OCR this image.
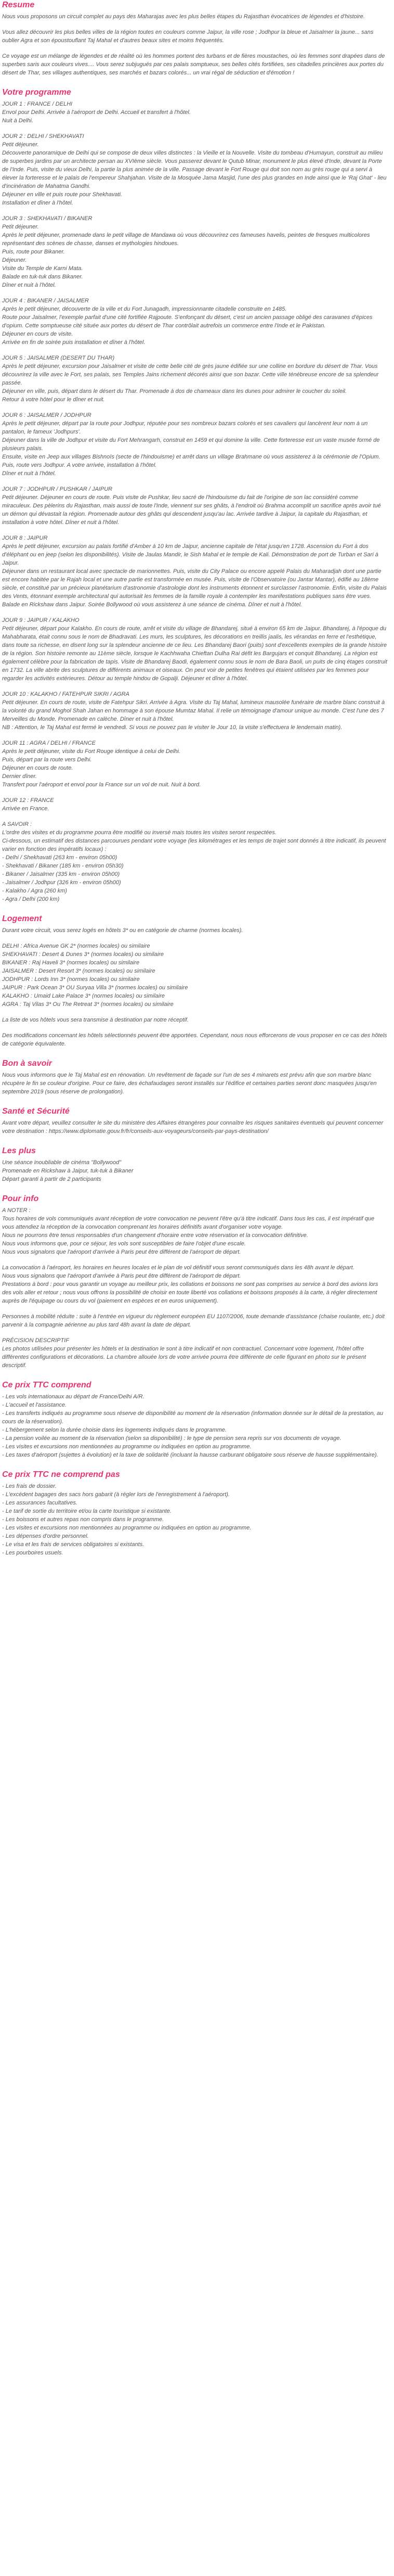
Resume

Nous vous proposons un circuit complet au pays des Maharajas avec les plus belles étapes du Rajasthan évocatrices de légendes et d'histoire.

Vous allez découvrir les plus belles villes de la région toutes en couleurs comme Jaipur, la ville rose ; Jodhpur la bleue et Jaisalmer la jaune... sans oublier Agra et son époustouflant Taj Mahal et d'autres beaux sites et moins fréquentés.

Ce voyage est un mélange de légendes et de réalité où les hommes portent des turbans et de fières moustaches, où les femmes sont drapées dans de superbes saris aux couleurs vives.... Vous serez subjugués par ces palais somptueux, ses belles cités fortifiées, ses citadelles princières aux portes du désert de Thar, ses villages authentiques, ses marchés et bazars colorés... un vrai régal de séduction et d'émotion !

Votre programme

JOUR 1 : FRANCE / DELHI
Envol pour Delhi. Arrivée à l'aéroport de Delhi. Accueil et transfert à l'hôtel.
Nuit à Delhi.

JOUR 2 : DELHI / SHEKHAVATI
Petit déjeuner.
Découverte panoramique de Delhi qui se compose de deux villes distinctes : la Vieille et la Nouvelle. Visite du tombeau d'Humayun, construit au milieu de superbes jardins par un architecte persan au XVIème siècle. Vous passerez devant le Qutub Minar, monument le plus élevé d'Inde, devant la Porte de l'Inde. Puis, visite du vieux Delhi, la partie la plus animée de la ville. Passage devant le Fort Rouge qui doit son nom au grès rouge qui a servi à élever la forteresse et le palais de l'empereur Shahjahan. Visite de la Mosquée Jama Masjid, l'une des plus grandes en Inde ainsi que le 'Raj Ghat' - lieu d'incinération de Mahatma Gandhi.
Déjeuner en ville et puis route pour Shekhavati.
Installation et dîner à l'hôtel.

JOUR 3 : SHEKHAVATI / BIKANER
Petit déjeuner.
Après le petit déjeuner, promenade dans le petit village de Mandawa où vous découvrirez ces fameuses havelis, peintes de fresques multicolores représentant des scènes de chasse, danses et mythologies hindoues.
Puis, route pour Bikaner.
Déjeuner.
Visite du Temple de Karni Mata.
Balade en tuk-tuk dans Bikaner.
Dîner et nuit à l'hôtel.

JOUR 4 : BIKANER / JAISALMER
Après le petit déjeuner, découverte de la ville et du Fort Junagadh, impressionnante citadelle construite en 1485.
Route pour Jaisalmer, l'exemple parfait d'une cité fortifiée Rajpoute. S'enfonçant du désert, c'est un ancien passage obligé des caravanes d'épices d'opium. Cette somptueuse cité située aux portes du désert de Thar contrôlait autrefois un commerce entre l'Inde et le Pakistan.
Déjeuner en cours de visite.
Arrivée en fin de soirée puis installation et dîner à l'hôtel.

JOUR 5 : JAISALMER (DESERT DU THAR)
Après le petit déjeuner, excursion pour Jaisalmer et visite de cette belle cité de grès jaune édifiée sur une colline en bordure du désert de Thar. Vous découvrirez la ville avec le Fort, ses palais, ses Temples Jains richement décorés ainsi que son bazar. Cette ville ténébreuse encore de sa splendeur passée.
Déjeuner en ville, puis, départ dans le désert du Thar. Promenade à dos de chameaux dans les dunes pour admirer le coucher du soleil.
Retour à votre hôtel pour le dîner et nuit.

JOUR 6 : JAISALMER / JODHPUR
Après le petit déjeuner, départ par la route pour Jodhpur, réputée pour ses nombreux bazars colorés et ses cavaliers qui lancèrent leur nom à un pantalon, le fameux 'Jodhpurs'.
Déjeuner dans la ville de Jodhpur et visite du Fort Mehrangarh, construit en 1459 et qui domine la ville. Cette forteresse est un vaste musée formé de plusieurs palais.
Ensuite, visite en Jeep aux villages Bishnoïs (secte de l'hindouisme) et arrêt dans un village Brahmane où vous assisterez à la cérémonie de l'Opium.
Puis, route vers Jodhpur. A votre arrivée, installation à l'hôtel.
Dîner et nuit à l'hôtel.

JOUR 7 : JODHPUR / PUSHKAR / JAIPUR
Petit déjeuner. Déjeuner en cours de route. Puis visite de Pushkar, lieu sacré de l'hindouisme du fait de l'origine de son lac considéré comme miraculeux. Des pèlerins du Rajasthan, mais aussi de toute l'Inde, viennent sur ses ghâts, à l'endroit où Brahma accomplit un sacrifice après avoir tué un démon qui dévastait la région. Promenade autour des ghâts qui descendent jusqu'au lac. Arrivée tardive à Jaipur, la capitale du Rajasthan, et installation à votre hôtel. Dîner et nuit à l'hôtel.

JOUR 8 : JAIPUR
Après le petit déjeuner, excursion au palais fortifié d'Amber à 10 km de Jaipur, ancienne capitale de l'état jusqu'en 1728. Ascension du Fort à dos d'éléphant ou en jeep (selon les disponibilités). Visite de Jaulas Mandir, le Sish Mahal et le temple de Kali. Démonstration de port de Turban et Sari à Jaipur.
Déjeuner dans un restaurant local avec spectacle de marionnettes. Puis, visite du City Palace ou encore appelé Palais du Maharadjah dont une partie est encore habitée par le Rajah local et une autre partie est transformée en musée. Puis, visite de l'Observatoire (ou Jantar Mantar), édifié au 18ème siècle, et constitué par un précieux planétarium d'astronomie d'astrologie dont les instruments étonnent et surclasser l'astronomie. Enfin, visite du Palais des Vents, étonnant exemple architectural qui autorisait les femmes de la famille royale à contempler les manifestations publiques sans être vues.
Balade en Rickshaw dans Jaipur. Soirée Bollywood où vous assisterez à une séance de cinéma. Dîner et nuit à l'hôtel.

JOUR 9 : JAIPUR / KALAKHO
Petit déjeuner, départ pour Kalakho. En cours de route, arrêt et visite du village de Bhandarej, situé à environ 65 km de Jaipur. Bhandarej, à l'époque du Mahabharata, était connu sous le nom de Bhadravati. Les murs, les sculptures, les décorations en treillis jaalis, les vérandas en ferre et l'esthétique, dans toute sa richesse, en disent long sur la splendeur ancienne de ce lieu. Les Bhandarej Baori (puits) sont d'excellents exemples de la grande histoire de la région. Son histoire remonte au 11ème siècle, lorsque le Kachhwaha Chieftan Dulha Rai défit les Bargujars et conquit Bhandarej. La région est également célèbre pour la fabrication de tapis. Visite de Bhandarej Baodi, également connu sous le nom de Bara Baoli, un puits de cinq étages construit en 1732. La ville abrite des sculptures de différents animaux et oiseaux. On peut voir de petites fenêtres qui étaient utilisées par les femmes pour regarder les activités extérieures. Détour au temple hindou de Gopalji. Déjeuner et dîner à l'hôtel.

JOUR 10 : KALAKHO / FATEHPUR SIKRI / AGRA
Petit déjeuner. En cours de route, visite de Fatehpur Sikri. Arrivée à Agra. Visite du Taj Mahal, lumineux mausolée funéraire de marbre blanc construit à la volonté du grand Moghol Shah Jahan en hommage à son épouse Mumtaz Mahal. Il relie un témoignage d'amour unique au monde. C'est l'une des 7 Merveilles du Monde. Promenade en calèche. Dîner et nuit à l'hôtel.
NB : Attention, le Taj Mahal est fermé le vendredi. Si vous ne pouvez pas le visiter le Jour 10, la visite s'effectuera le lendemain matin).

JOUR 11 : AGRA / DELHI / FRANCE
Après le petit déjeuner, visite du Fort Rouge identique à celui de Delhi.
Puis, départ par la route vers Delhi.
Déjeuner en cours de route.
Dernier dîner.
Transfert pour l'aéroport et envol pour la France sur un vol de nuit. Nuit à bord.

JOUR 12 : FRANCE
Arrivée en France.

A SAVOIR :
L'ordre des visites et du programme pourra être modifié ou inversé mais toutes les visites seront respectées.
Ci-dessous, un estimatif des distances parcourues pendant votre voyage (les kilométrages et les temps de trajet sont donnés à titre indicatif, ils peuvent varier en fonction des impératifs locaux) :
- Delhi / Shekhavati (263 km - environ 05h00)
- Shekhavati / Bikaner (185 km - environ 05h30)
- Bikaner / Jaisalmer (335 km - environ 05h00)
- Jaisalmer / Jodhpur (326 km - environ 05h00)
- Kalakho / Agra (260 km)
- Agra / Delhi (200 km)
Logement

Durant votre circuit, vous serez logés en hôtels 3* ou en catégorie de charme (normes locales).

DELHI : Africa Avenue GK 2* (normes locales) ou similaire
SHEKHAVATI : Desert & Dunes 3* (normes locales) ou similaire
BIKANER : Raj Haveli 3* (normes locales) ou similaire
JAISALMER : Desert Resort 3* (normes locales) ou similaire
JODHPUR : Lords Inn 3* (normes locales) ou similaire
JAIPUR : Park Ocean 3* OU Suryaa Villa 3* (normes locales) ou similaire
KALAKHO : Umaid Lake Palace 3* (normes locales) ou similaire
AGRA : Taj Vilas 3* Ou The Retreat 3* (normes locales) ou similaire

La liste de vos hôtels vous sera transmise à destination par notre réceptif.

Des modifications concernant les hôtels sélectionnés peuvent être apportées. Cependant, nous nous efforcerons de vous proposer en ce cas des hôtels de catégorie équivalente.

Bon à savoir

Nous vous informons que le Taj Mahal est en rénovation. Un revêtement de façade sur l'un de ses 4 minarets est prévu afin que son marbre blanc récupère le fin se couleur d'origine. Pour ce faire, des échafaudages seront installés sur l'édifice et certaines parties seront donc masquées jusqu'en septembre 2019 (sous réserve de prolongation).

Santé et Sécurité

Avant votre départ, veuillez consulter le site du ministère des Affaires étrangères pour connaître les risques sanitaires éventuels qui peuvent concerner votre destination : https://www.diplomatie.gouv.fr/fr/conseils-aux-voyageurs/conseils-par-pays-destination/

Les plus
Une séance inoubliable de cinéma "Bollywood"
Promenade en Rickshaw à Jaipur, tuk-tuk à Bikaner
Départ garanti à partir de 2 participants
Pour info

A NOTER :
Tous horaires de vols communiqués avant réception de votre convocation ne peuvent l'être qu'à titre indicatif. Dans tous les cas, il est impératif que vous attendiez la réception de la convocation comprenant les horaires définitifs avant d'organiser votre voyage.
Nous ne pourrons être tenus responsables d'un changement d'horaire entre votre réservation et la convocation définitive.
Nous vous informons que, pour ce séjour, les vols sont susceptibles de faire l'objet d'une escale.
Nous vous signalons que l'aéroport d'arrivée à Paris peut être différent de l'aéroport de départ.

La convocation à l'aéroport, les horaires en heures locales et le plan de vol définitif vous seront communiqués dans les 48h avant le départ.
Nous vous signalons que l'aéroport d'arrivée à Paris peut être différent de l'aéroport de départ.
Prestations à bord : pour vous garantir un voyage au meilleur prix, les collations et boissons ne sont pas comprises au service à bord des avions lors des vols aller et retour ; nous vous offrons la possibilité de choisir en toute liberté vos collations et boissons proposés à la carte, à régler directement auprès de l'équipage ou cours du vol (paiement en espèces et en euros uniquement).

Personnes à mobilité réduite : suite à l'entrée en vigueur du règlement européen EU 1107/2006, toute demande d'assistance (chaise roulante, etc.) doit parvenir à la compagnie aérienne au plus tard 48h avant la date de départ.

PRÉCISION DESCRIPTIF
Les photos utilisées pour présenter les hôtels et la destination le sont à titre indicatif et non contractuel. Concernant votre logement, l'hôtel offre différentes configurations et décorations. La chambre allouée lors de votre arrivée pourra être différente de celle figurant en photo sur le présent descriptif.

Ce prix TTC comprend
- Les vols internationaux au départ de France/Delhi A/R.
- L'accueil et l'assistance.
- Les transferts indiqués au programme sous réserve de disponibilité au moment de la réservation (information donnée sur le détail de la prestation, au cours de la réservation).
- L'hébergement selon la durée choisie dans les logements indiqués dans le programme.
- La pension voilée au moment de la réservation (selon sa disponibilité) : le type de pension sera repris sur vos documents de voyage.
- Les visites et excursions non mentionnées au programme ou indiquées en option au programme.
- Les taxes d'aéroport (sujettes à évolution) et la taxe de solidarité (incluant la hausse carburant obligatoire sous réserve de hausse supplémentaire).
Ce prix TTC ne comprend pas
- Les frais de dossier.
- L'excédent bagages des sacs hors gabarit (à régler lors de l'enregistrement à l'aéroport).
- Les assurances facultatives.
- Le tarif de sortie du territoire et/ou la carte touristique si existante.
- Les boissons et autres repas non compris dans le programme.
- Les visites et excursions non mentionnées au programme ou indiquées en option au programme.
- Les dépenses d'ordre personnel.
- Le visa et les frais de services obligatoires si existants.
- Les pourboires usuels.
